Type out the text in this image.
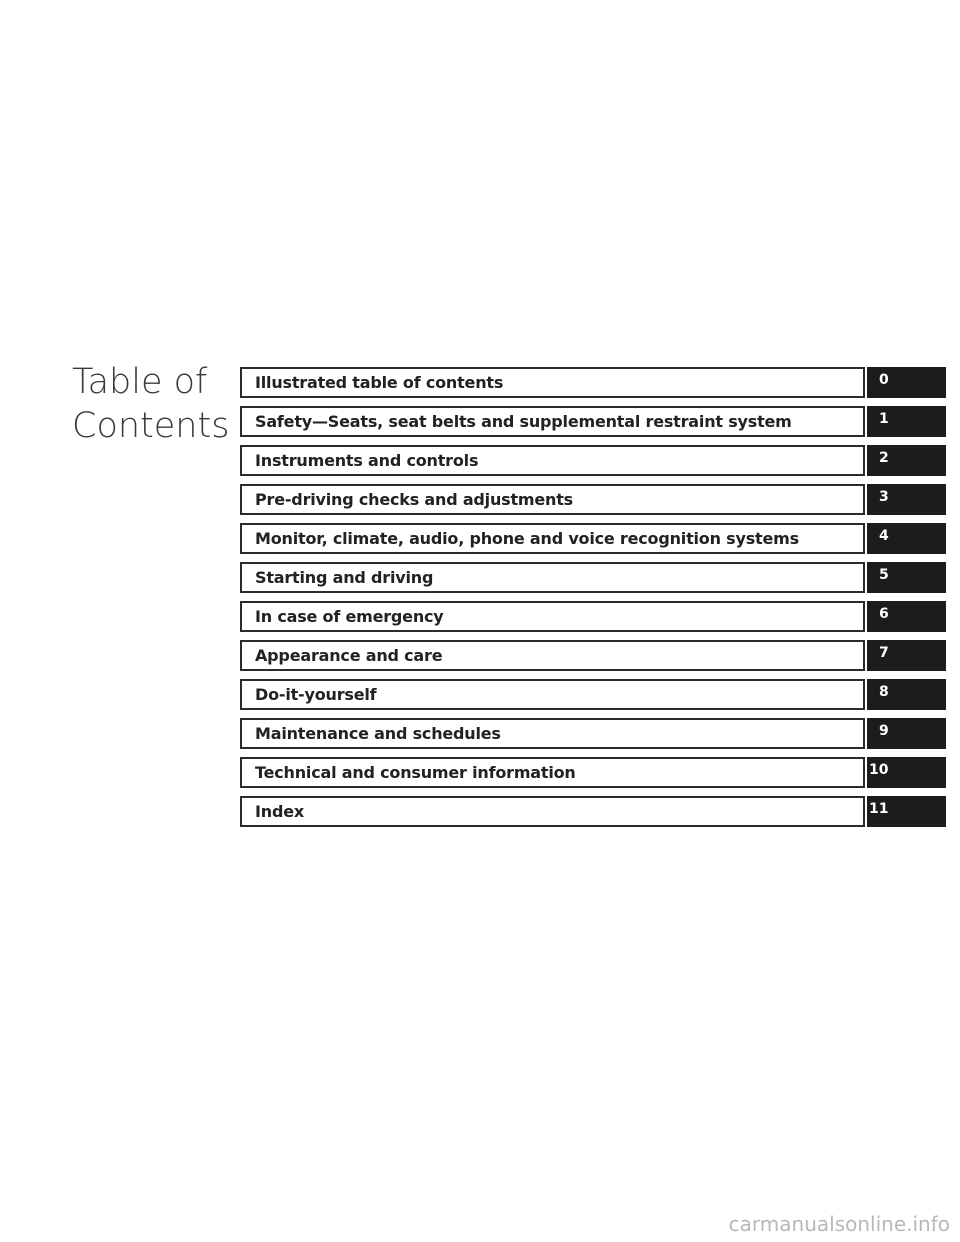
Table of
Contents
Illustrated table of contents	0
Safety—Seats, seat belts and supplemental restraint system	1
Instruments and controls	2
Pre-driving checks and adjustments	3
Monitor, climate, audio, phone and voice recognition systems	4
Starting and driving	5
In case of emergency	6
Appearance and care	7
Do-it-yourself	8
Maintenance and schedules	9
Technical and consumer information	10
Index	11
carmanualsonline.info
